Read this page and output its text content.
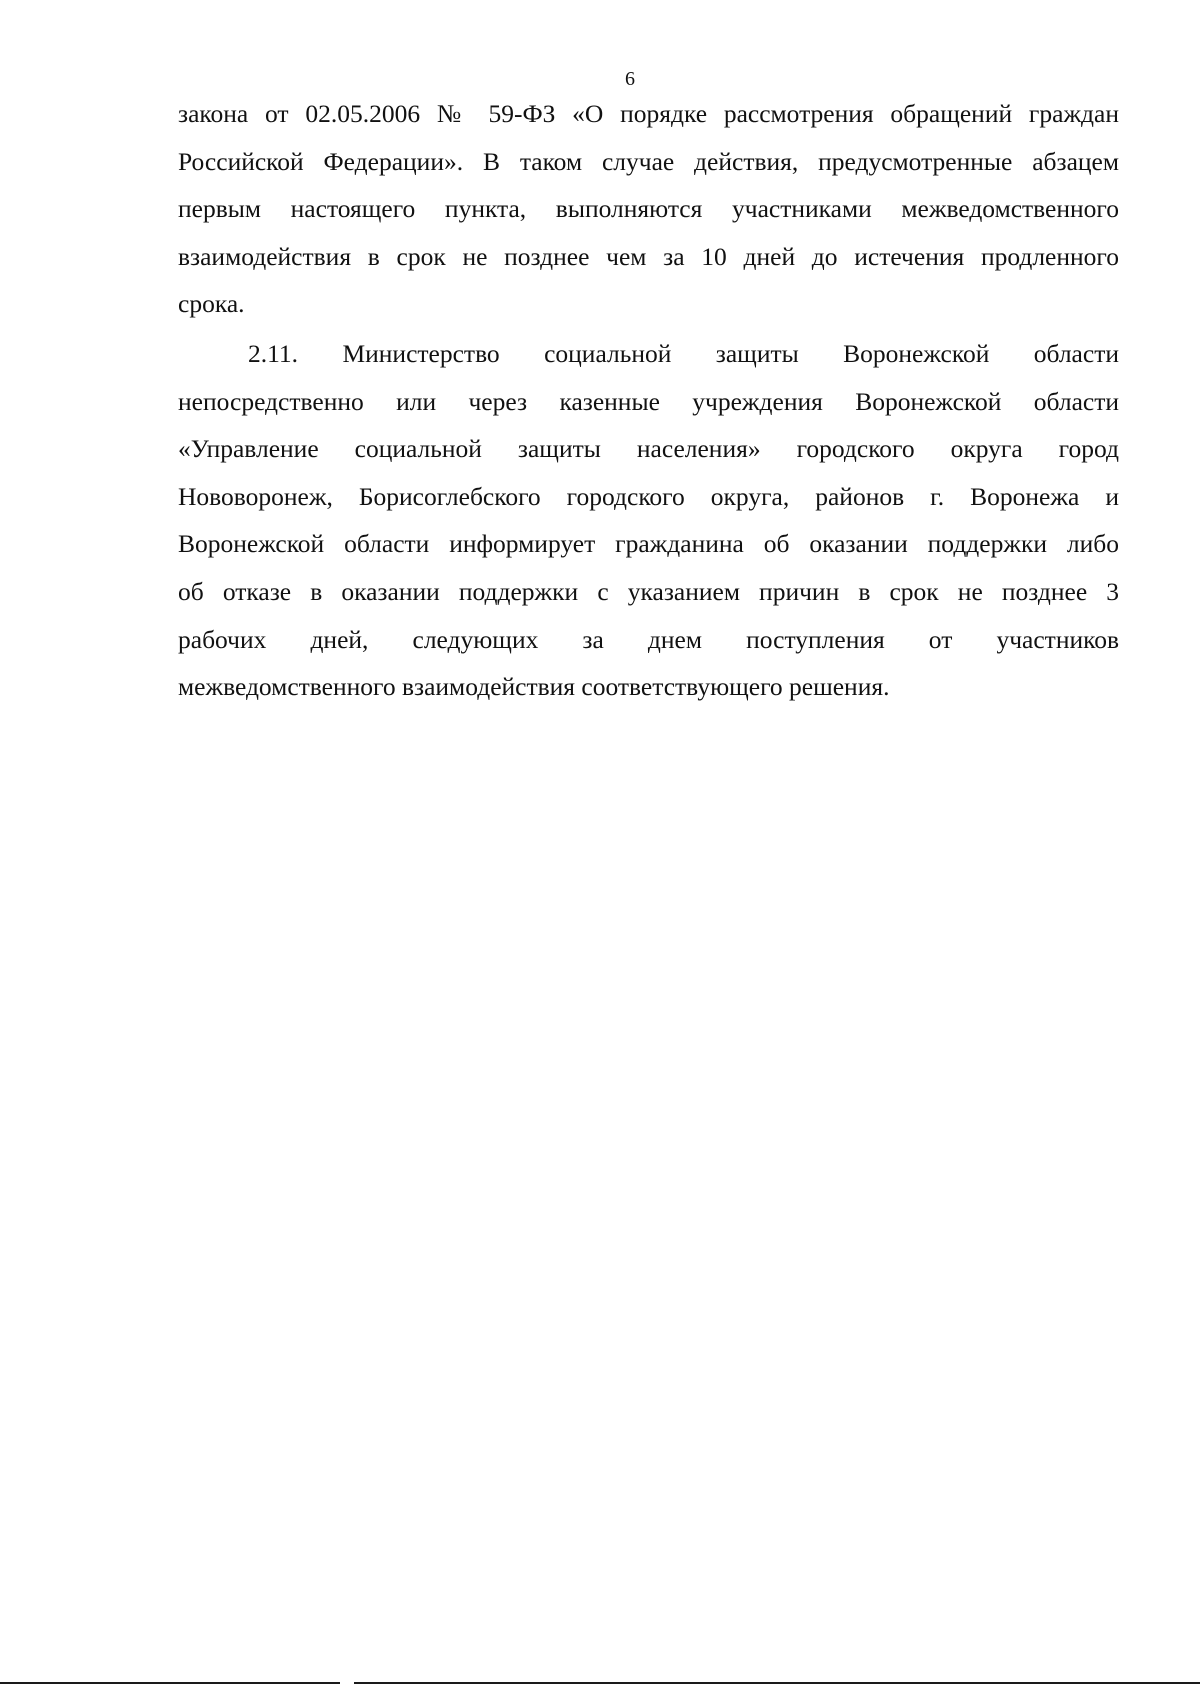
6
закона от 02.05.2006 № 59-ФЗ «О порядке рассмотрения обращений граждан
Российской Федерации». В таком случае действия, предусмотренные абзацем
первым настоящего пункта, выполняются участниками межведомственного
взаимодействия в срок не позднее чем за 10 дней до истечения продленного
срока.
2.11. Министерство социальной защиты Воронежской области
непосредственно или через казенные учреждения Воронежской области
«Управление социальной защиты населения» городского округа город
Нововоронеж, Борисоглебского городского округа, районов г. Воронежа и
Воронежской области информирует гражданина об оказании поддержки либо
об отказе в оказании поддержки с указанием причин в срок не позднее 3
рабочих дней, следующих за днем поступления от участников
межведомственного взаимодействия соответствующего решения.
